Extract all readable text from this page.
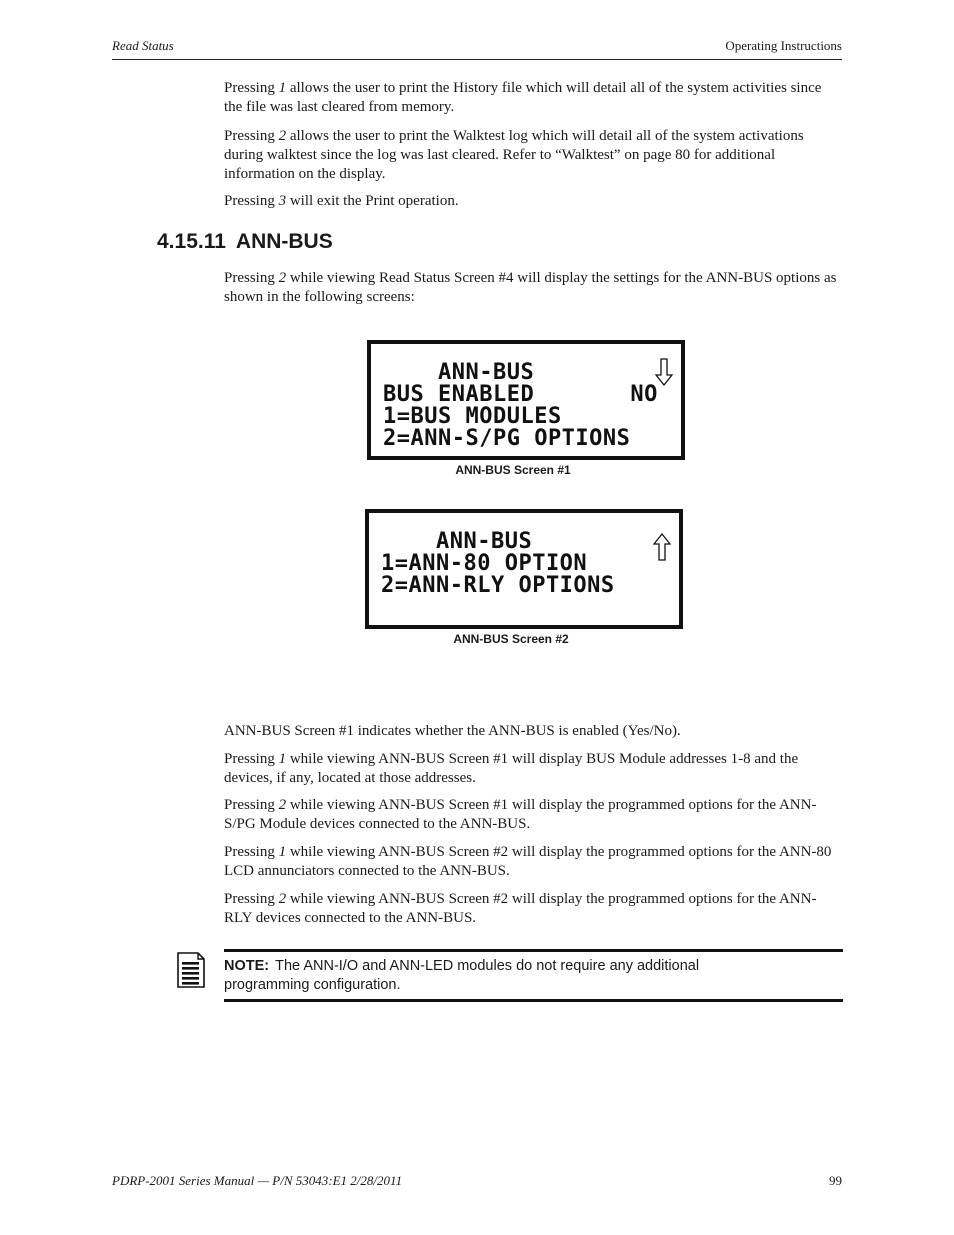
Read Status	Operating Instructions

Pressing 1 allows the user to print the History file which will detail all of the system activities since the file was last cleared from memory.

Pressing 2 allows the user to print the Walktest log which will detail all of the system activations during walktest since the log was last cleared. Refer to “Walktest” on page 80 for additional information on the display.

Pressing 3 will exit the Print operation.

4.15.11 ANN-BUS

Pressing 2 while viewing Read Status Screen #4 will display the settings for the ANN-BUS options as shown in the following screens:

ANN-BUS
BUS ENABLED       NO
1=BUS MODULES
2=ANN-S/PG OPTIONS
ANN-BUS Screen #1
ANN-BUS
1=ANN-80 OPTION
2=ANN-RLY OPTIONS
ANN-BUS Screen #2

ANN-BUS Screen #1 indicates whether the ANN-BUS is enabled (Yes/No).

Pressing 1 while viewing ANN-BUS Screen #1 will display BUS Module addresses 1-8 and the devices, if any, located at those addresses.

Pressing 2 while viewing ANN-BUS Screen #1 will display the programmed options for the ANN-S/PG Module devices connected to the ANN-BUS.

Pressing 1 while viewing ANN-BUS Screen #2 will display the programmed options for the ANN-80 LCD annunciators connected to the ANN-BUS.

Pressing 2 while viewing ANN-BUS Screen #2 will display the programmed options for the ANN-RLY devices connected to the ANN-BUS.

NOTE: The ANN-I/O and ANN-LED modules do not require any additional programming configuration.
PDRP-2001 Series Manual — P/N 53043:E1 2/28/2011	99
